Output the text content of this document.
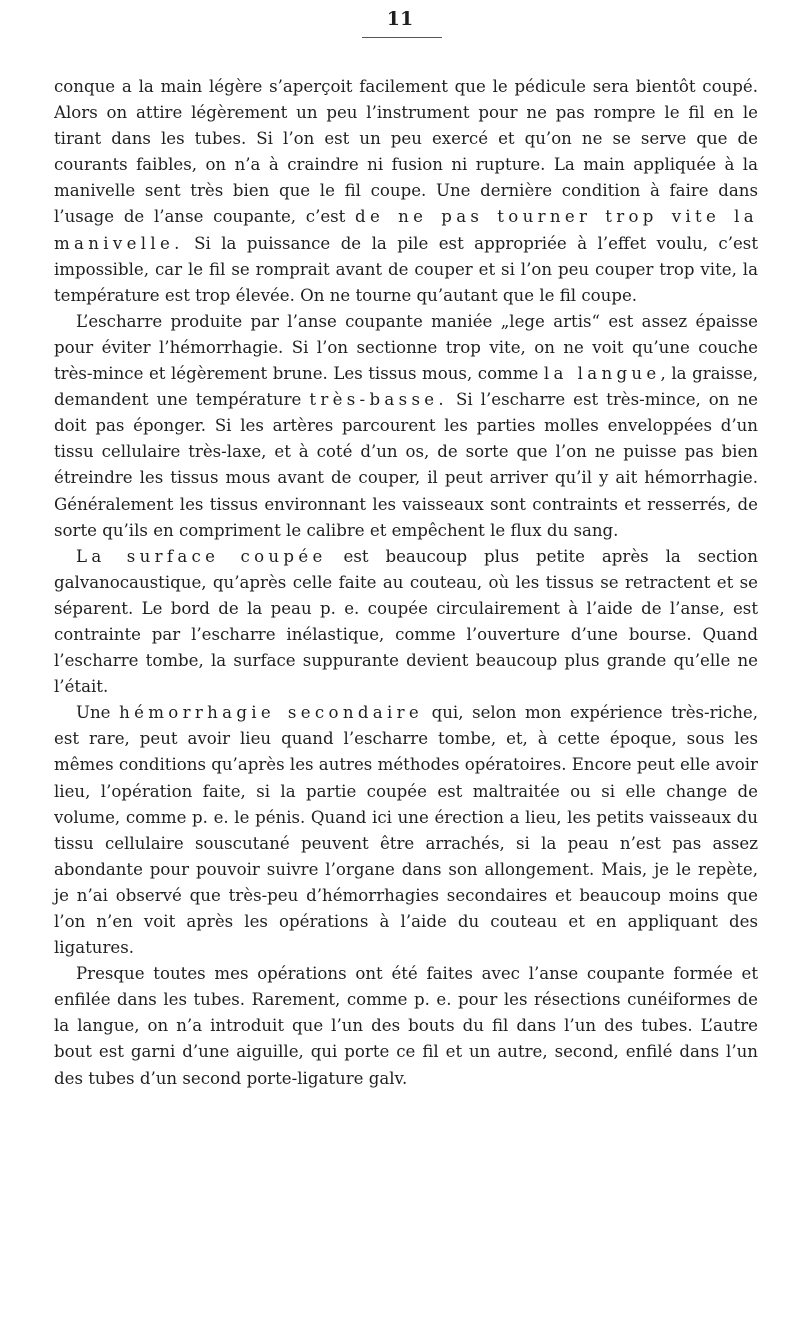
11

conque a la main légère s’aperçoit facilement que le pédicule sera bientôt coupé. Alors on attire légèrement un peu l’instrument pour ne pas rompre le fil en le tirant dans les tubes. Si l’on est un peu exercé et qu’on ne se serve que de courants faibles, on n’a à craindre ni fusion ni rupture. La main appliquée à la manivelle sent très bien que le fil coupe. Une dernière condition à faire dans l’usage de l’anse coupante, c’est de ne pas tourner trop vite la manivelle. Si la puissance de la pile est appropriée à l’effet voulu, c’est impossible, car le fil se romprait avant de couper et si l’on peu couper trop vite, la température est trop élevée. On ne tourne qu’autant que le fil coupe.

L’escharre produite par l’anse coupante maniée „lege artis“ est assez épaisse pour éviter l’hémorrhagie. Si l’on sectionne trop vite, on ne voit qu’une couche très-mince et légèrement brune. Les tissus mous, comme la langue, la graisse, demandent une température très-basse. Si l’escharre est très-mince, on ne doit pas éponger. Si les artères parcourent les parties molles enveloppées d’un tissu cellulaire très-laxe, et à coté d’un os, de sorte que l’on ne puisse pas bien étreindre les tissus mous avant de couper, il peut arriver qu’il y ait hémorrhagie. Généralement les tissus environnant les vaisseaux sont contraints et resserrés, de sorte qu’ils en compriment le calibre et empêchent le flux du sang.

La surface coupée est beaucoup plus petite après la section galvanocaustique, qu’après celle faite au couteau, où les tissus se retractent et se séparent. Le bord de la peau p. e. coupée circulairement à l’aide de l’anse, est contrainte par l’escharre inélastique, comme l’ouverture d’une bourse. Quand l’escharre tombe, la surface suppurante devient beaucoup plus grande qu’elle ne l’était.

Une hémorrhagie secondaire qui, selon mon expérience très-riche, est rare, peut avoir lieu quand l’escharre tombe, et, à cette époque, sous les mêmes conditions qu’après les autres méthodes opératoires. Encore peut elle avoir lieu, l’opération faite, si la partie coupée est maltraitée ou si elle change de volume, comme p. e. le pénis. Quand ici une érection a lieu, les petits vaisseaux du tissu cellulaire souscutané peuvent être arrachés, si la peau n’est pas assez abondante pour pouvoir suivre l’organe dans son allongement. Mais, je le repète, je n’ai observé que très-peu d’hémorrhagies secondaires et beaucoup moins que l’on n’en voit après les opérations à l’aide du couteau et en appliquant des ligatures.

Presque toutes mes opérations ont été faites avec l’anse coupante formée et enfilée dans les tubes. Rarement, comme p. e. pour les résections cunéiformes de la langue, on n’a introduit que l’un des bouts du fil dans l’un des tubes. L’autre bout est garni d’une aiguille, qui porte ce fil et un autre, second, enfilé dans l’un des tubes d’un second porte-ligature galv.
